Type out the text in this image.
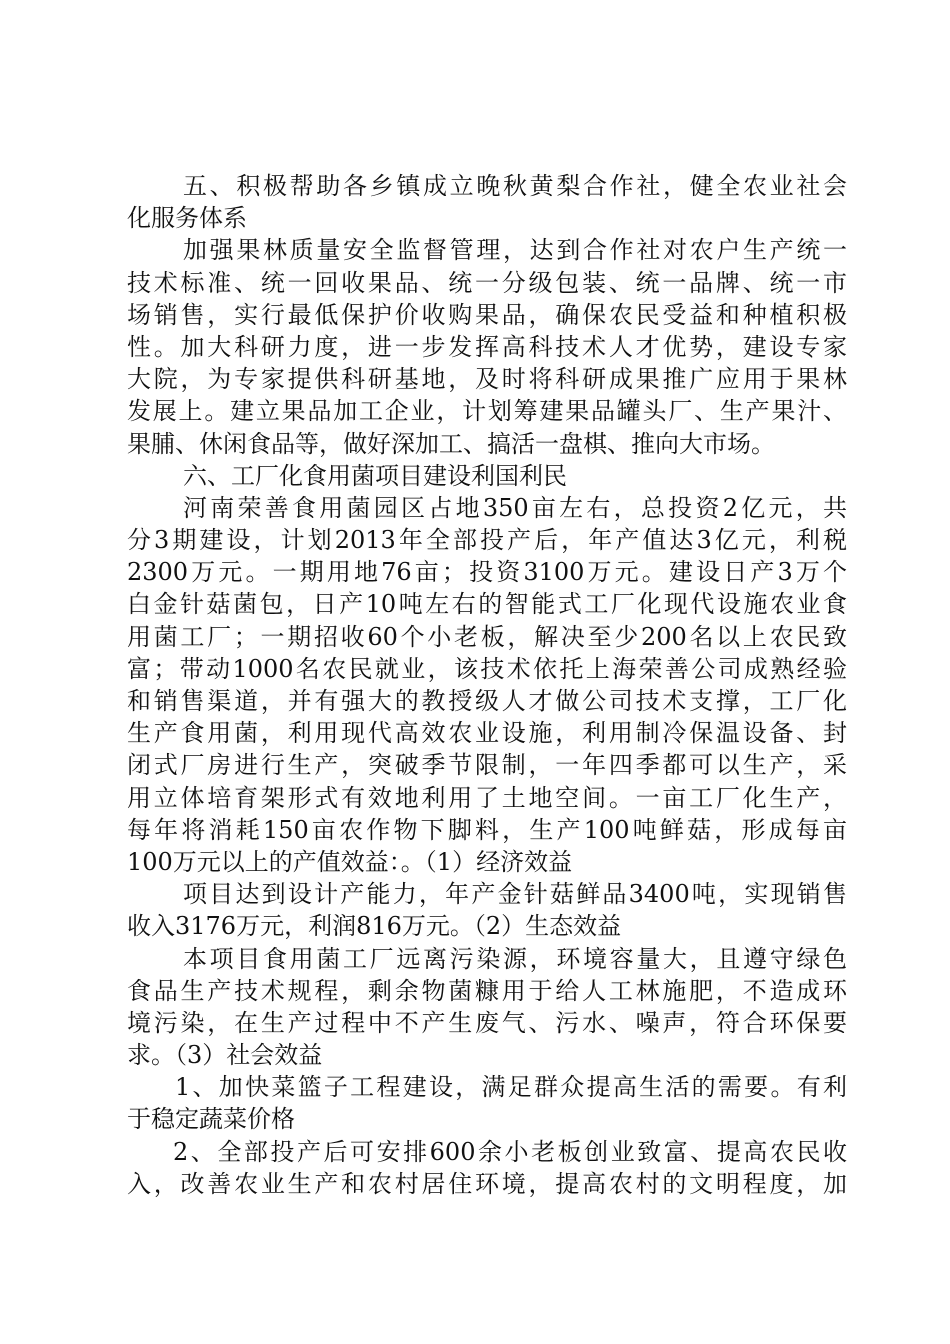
五、积极帮助各乡镇成立晚秋黄梨合作社，健全农业社会
化服务体系
加强果林质量安全监督管理，达到合作社对农户生产统一
技术标准、统一回收果品、统一分级包装、统一品牌、统一市
场销售，实行最低保护价收购果品，确保农民受益和种植积极
性。加大科研力度，进一步发挥高科技术人才优势，建设专家
大院，为专家提供科研基地，及时将科研成果推广应用于果林
发展上。建立果品加工企业，计划筹建果品罐头厂、生产果汁、
果脯、休闲食品等，做好深加工、搞活一盘棋、推向大市场。
六、工厂化食用菌项目建设利国利民
河南荣善食用菌园区占地350亩左右，总投资2亿元，共
分3期建设，计划2013年全部投产后，年产值达3亿元，利税
2300万元。一期用地76亩；投资3100万元。建设日产3万个
白金针菇菌包，日产10吨左右的智能式工厂化现代设施农业食
用菌工厂；一期招收60个小老板，解决至少200名以上农民致
富；带动1000名农民就业，该技术依托上海荣善公司成熟经验
和销售渠道，并有强大的教授级人才做公司技术支撑，工厂化
生产食用菌，利用现代高效农业设施，利用制冷保温设备、封
闭式厂房进行生产，突破季节限制，一年四季都可以生产，采
用立体培育架形式有效地利用了土地空间。一亩工厂化生产，
每年将消耗150亩农作物下脚料，生产100吨鲜菇，形成每亩
100万元以上的产值效益：。（1）经济效益
项目达到设计产能力，年产金针菇鲜品3400吨，实现销售
收入3176万元，利润816万元。（2）生态效益
本项目食用菌工厂远离污染源，环境容量大，且遵守绿色
食品生产技术规程，剩余物菌糠用于给人工林施肥，不造成环
境污染，在生产过程中不产生废气、污水、噪声，符合环保要
求。（3）社会效益
1、加快菜篮子工程建设，满足群众提高生活的需要。有利
于稳定蔬菜价格
2、全部投产后可安排600余小老板创业致富、提高农民收
入，改善农业生产和农村居住环境，提高农村的文明程度，加
